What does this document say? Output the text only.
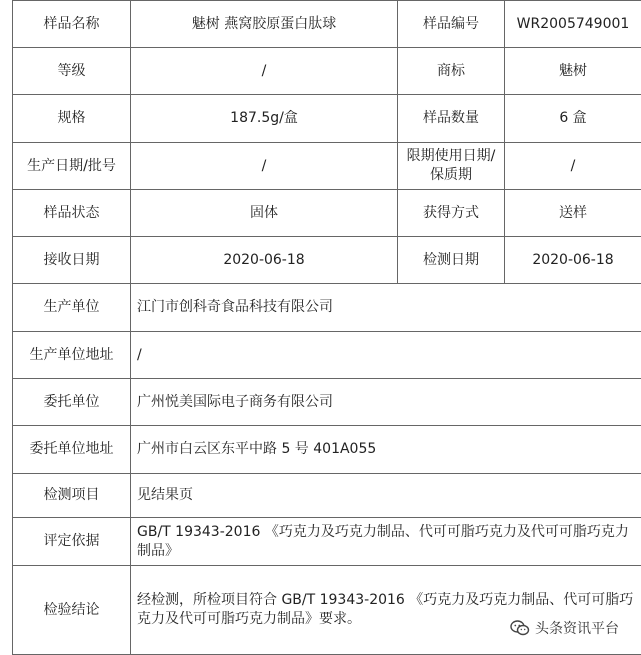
样品名称	魅树 燕窝胶原蛋白肽球	样品编号	WR2005749001
等级	/	商标	魅树
规格	187.5g/盒	样品数量	6 盒
生产日期/批号	/	限期使用日期/保质期	/
样品状态	固体	获得方式	送样
接收日期	2020-06-18	检测日期	2020-06-18
生产单位	江门市创科奇食品科技有限公司		
生产单位地址	/		
委托单位	广州悦美国际电子商务有限公司		
委托单位地址	广州市白云区东平中路 5 号 401A055		
检测项目	见结果页		
评定依据	GB/T 19343-2016 《巧克力及巧克力制品、代可可脂巧克力及代可可脂巧克力制品》		
检验结论	经检测，所检项目符合 GB/T 19343-2016 《巧克力及巧克力制品、代可可脂巧克力及代可可脂巧克力制品》要求。		
头条资讯平台
